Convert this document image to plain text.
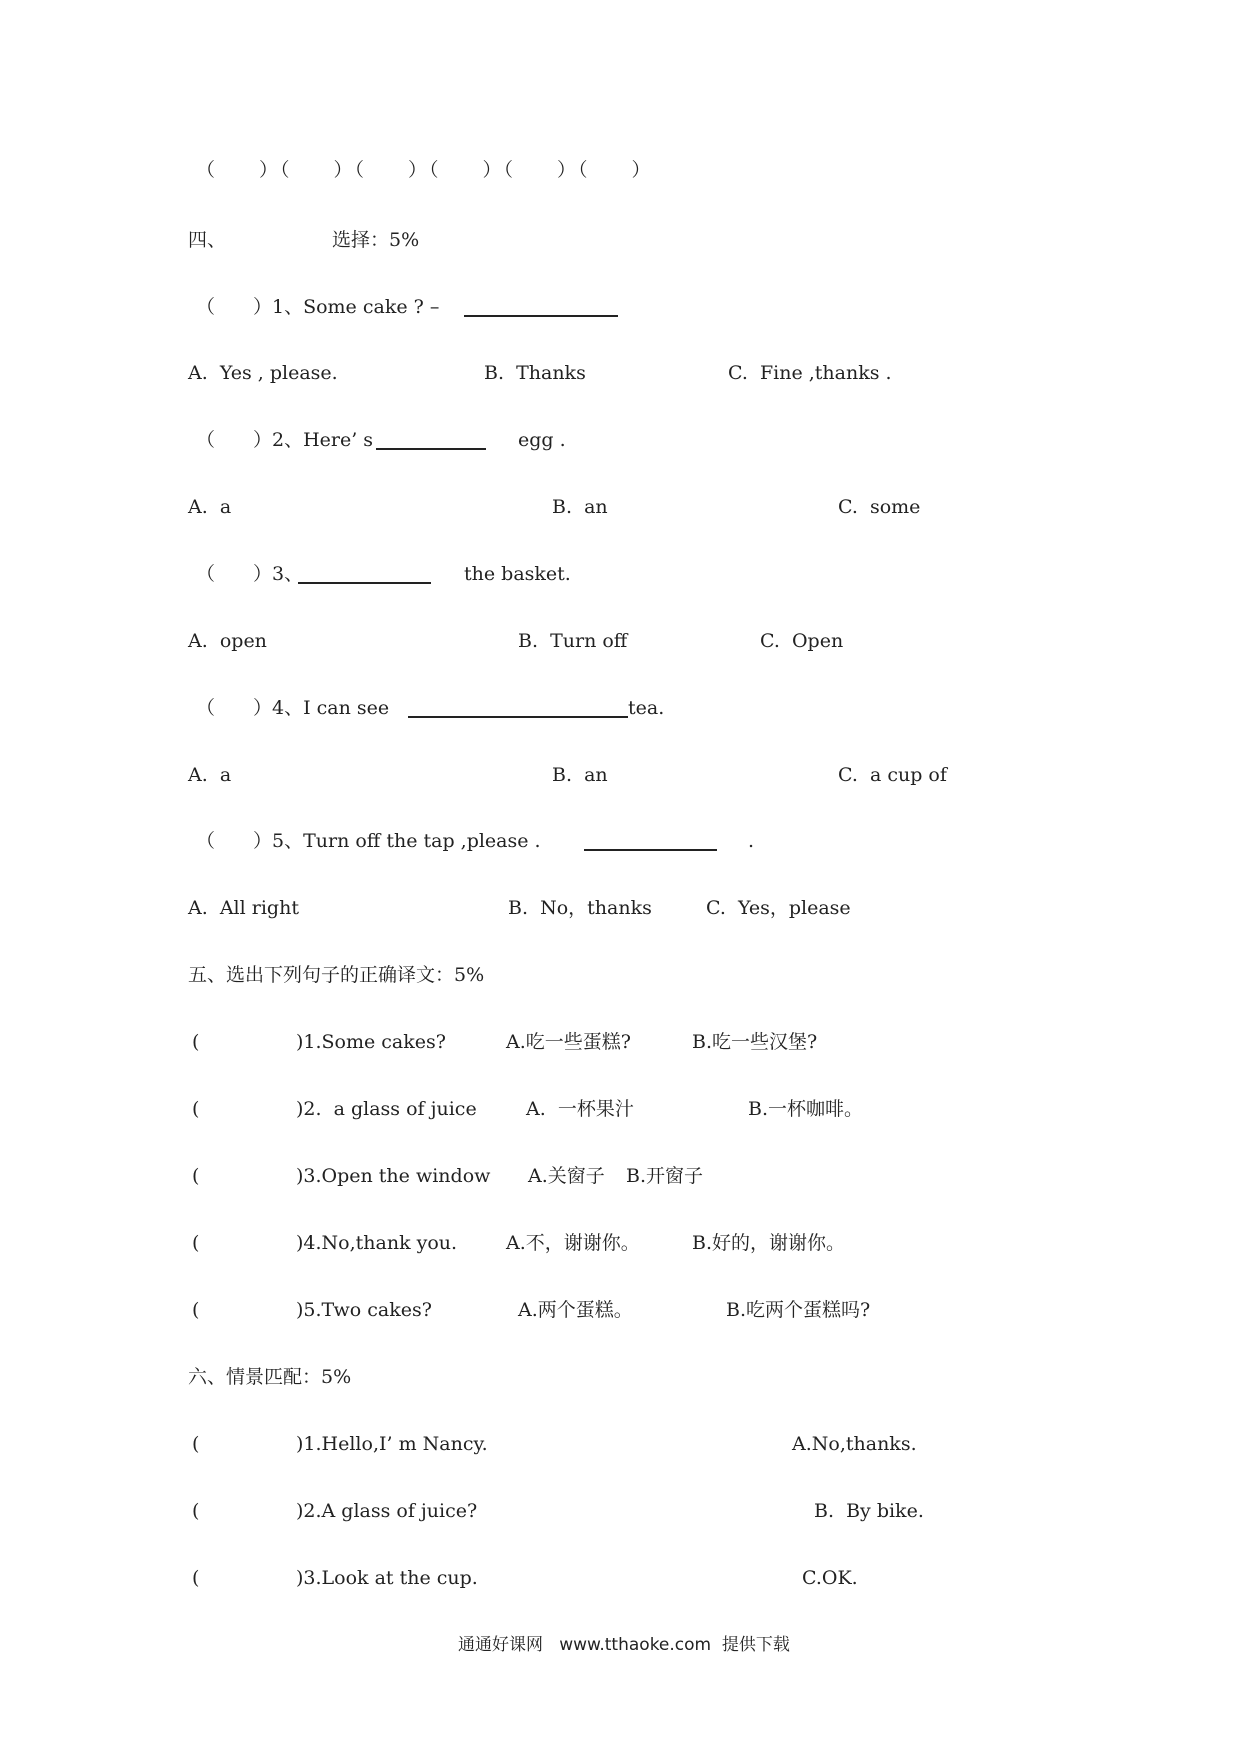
（　　）（　　）（　　）（　　）（　　）（　　）
四、	选择：5%
（　　）1、Some cake ? –
A.  Yes , please.	B.  Thanks	C.  Fine ,thanks .
（　　）2、Here’ s	egg .
A.  a	B.  an	C.  some
（　　）3、	the basket.
A.  open	B.  Turn off	C.  Open
（　　）4、I can see	tea.
A.  a	B.  an	C.  a cup of
（　　）5、Turn off the tap ,please .	.
A.  All right	B.  No，thanks	C.  Yes，please
五、选出下列句子的正确译文：5%
(	)1.Some cakes?	A.吃一些蛋糕?	B.吃一些汉堡?
(	)2.  a glass of juice	A.  一杯果汁	B.一杯咖啡。
(	)3.Open the window A.关窗子 B.开窗子
(	)4.No,thank you.	A.不，谢谢你。	B.好的，谢谢你。
(	)5.Two cakes?	A.两个蛋糕。	B.吃两个蛋糕吗?
六、情景匹配：5%
(	)1.Hello,I’ m Nancy.	A.No,thanks.
(	)2.A glass of juice?	B.  By bike.
(	)3.Look at the cup.	C.OK.
通通好课网   www.tthaoke.com  提供下载
